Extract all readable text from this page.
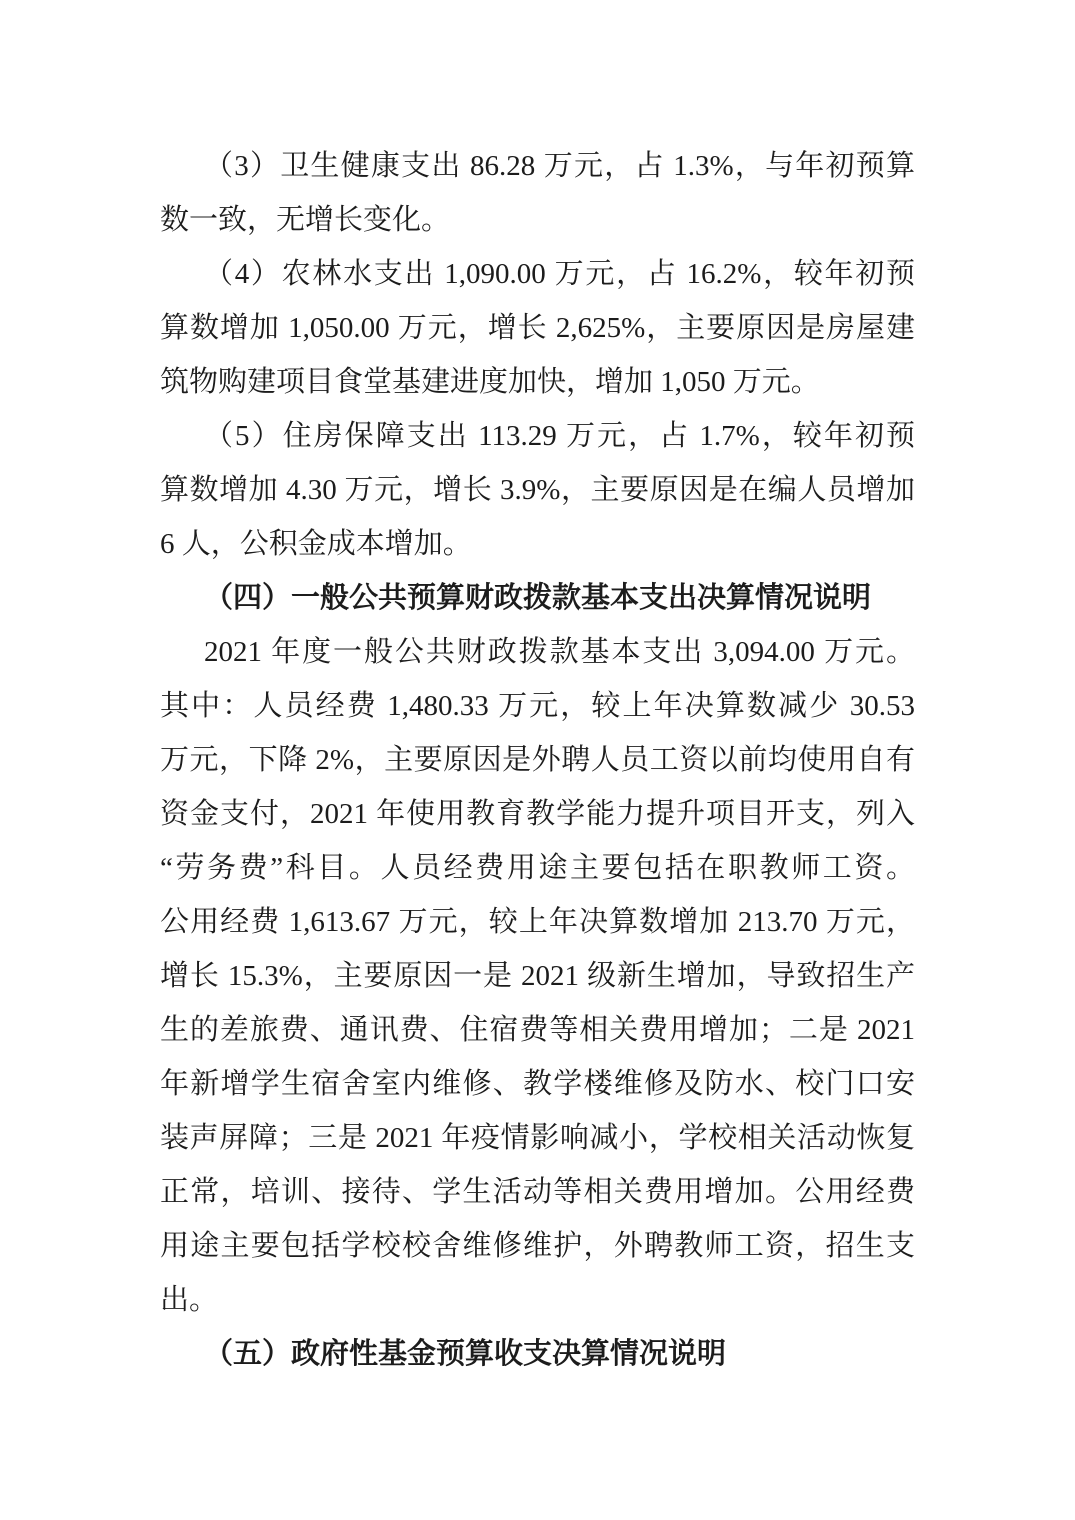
（3）卫生健康支出 86.28 万元，占 1.3%，与年初预算
数一致，无增长变化。
（4）农林水支出 1,090.00 万元，占 16.2%，较年初预
算数增加 1,050.00 万元，增长 2,625%，主要原因是房屋建
筑物购建项目食堂基建进度加快，增加 1,050 万元。
（5）住房保障支出 113.29 万元，占 1.7%，较年初预
算数增加 4.30 万元，增长 3.9%，主要原因是在编人员增加
6 人，公积金成本增加。
（四）一般公共预算财政拨款基本支出决算情况说明
2021 年度一般公共财政拨款基本支出 3,094.00 万元。
其中：人员经费 1,480.33 万元，较上年决算数减少 30.53
万元，下降 2%，主要原因是外聘人员工资以前均使用自有
资金支付，2021 年使用教育教学能力提升项目开支，列入
“劳务费”科目。人员经费用途主要包括在职教师工资。
公用经费 1,613.67 万元，较上年决算数增加 213.70 万元，
增长 15.3%，主要原因一是 2021 级新生增加，导致招生产
生的差旅费、通讯费、住宿费等相关费用增加；二是 2021
年新增学生宿舍室内维修、教学楼维修及防水、校门口安
装声屏障；三是 2021 年疫情影响减小，学校相关活动恢复
正常，培训、接待、学生活动等相关费用增加。公用经费
用途主要包括学校校舍维修维护，外聘教师工资，招生支
出。
（五）政府性基金预算收支决算情况说明
